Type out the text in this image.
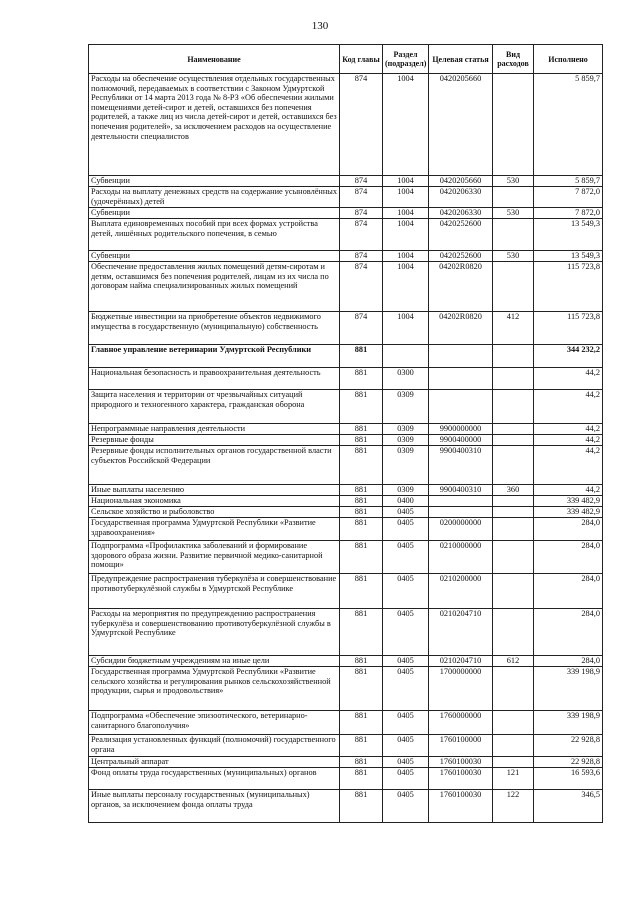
130
Наименование	Код главы	Раздел (подраздел)	Целевая статья	Вид расходов	Исполнено
Расходы на обеспечение осуществления отдельных государственных полномочий, передаваемых в соответствии с Законом Удмуртской Республики от 14 марта 2013 года № 8-РЗ «Об обеспечении жилыми помещениями детей-сирот и детей, оставшихся без попечения родителей, а также лиц из числа детей-сирот и детей, оставшихся без попечения родителей», за исключением расходов на осуществление деятельности специалистов	874	1004	0420205660		5 859,7
Субвенции	874	1004	0420205660	530	5 859,7
Расходы на выплату денежных средств на содержание усыновлённых (удочерённых) детей	874	1004	0420206330		7 872,0
Субвенции	874	1004	0420206330	530	7 872,0
Выплата единовременных пособий при всех формах устройства детей, лишённых родительского попечения, в семью	874	1004	0420252600		13 549,3
Субвенции	874	1004	0420252600	530	13 549,3
Обеспечение предоставления жилых помещений детям-сиротам и детям, оставшимся без попечения родителей, лицам из их числа по договорам найма специализированных жилых помещений	874	1004	04202R0820		115 723,8
Бюджетные инвестиции на приобретение объектов недвижимого имущества в государственную (муниципальную) собственность	874	1004	04202R0820	412	115 723,8
Главное управление ветеринарии Удмуртской Республики	881				344 232,2
Национальная безопасность и правоохранительная деятельность	881	0300			44,2
Защита населения и территории от чрезвычайных ситуаций природного и техногенного характера, гражданская оборона	881	0309			44,2
Непрограммные направления деятельности	881	0309	9900000000		44,2
Резервные фонды	881	0309	9900400000		44,2
Резервные фонды исполнительных органов государственной власти субъектов Российской Федерации	881	0309	9900400310		44,2
Иные выплаты населению	881	0309	9900400310	360	44,2
Национальная экономика	881	0400			339 482,9
Сельское хозяйство и рыболовство	881	0405			339 482,9
Государственная программа Удмуртской Республики «Развитие здравоохранения»	881	0405	0200000000		284,0
Подпрограмма «Профилактика заболеваний и формирование здорового образа жизни. Развитие первичной медико-санитарной помощи»	881	0405	0210000000		284,0
Предупреждение распространения туберкулёза и совершенствование противотуберкулёзной службы в Удмуртской Республике	881	0405	0210200000		284,0
Расходы на мероприятия по предупреждению распространения туберкулёза и совершенствованию противотуберкулёзной службы в Удмуртской Республике	881	0405	0210204710		284,0
Субсидии бюджетным учреждениям на иные цели	881	0405	0210204710	612	284,0
Государственная программа Удмуртской Республики «Развитие сельского хозяйства и регулирования рынков сельскохозяйственной продукции, сырья и продовольствия»	881	0405	1700000000		339 198,9
Подпрограмма «Обеспечение эпизоотического, ветеринарно-санитарного благополучия»	881	0405	1760000000		339 198,9
Реализация установленных функций (полномочий) государственного органа	881	0405	1760100000		22 928,8
Центральный аппарат	881	0405	1760100030		22 928,8
Фонд оплаты труда государственных (муниципальных) органов	881	0405	1760100030	121	16 593,6
Иные выплаты персоналу государственных (муниципальных) органов, за исключением фонда оплаты труда	881	0405	1760100030	122	346,5
